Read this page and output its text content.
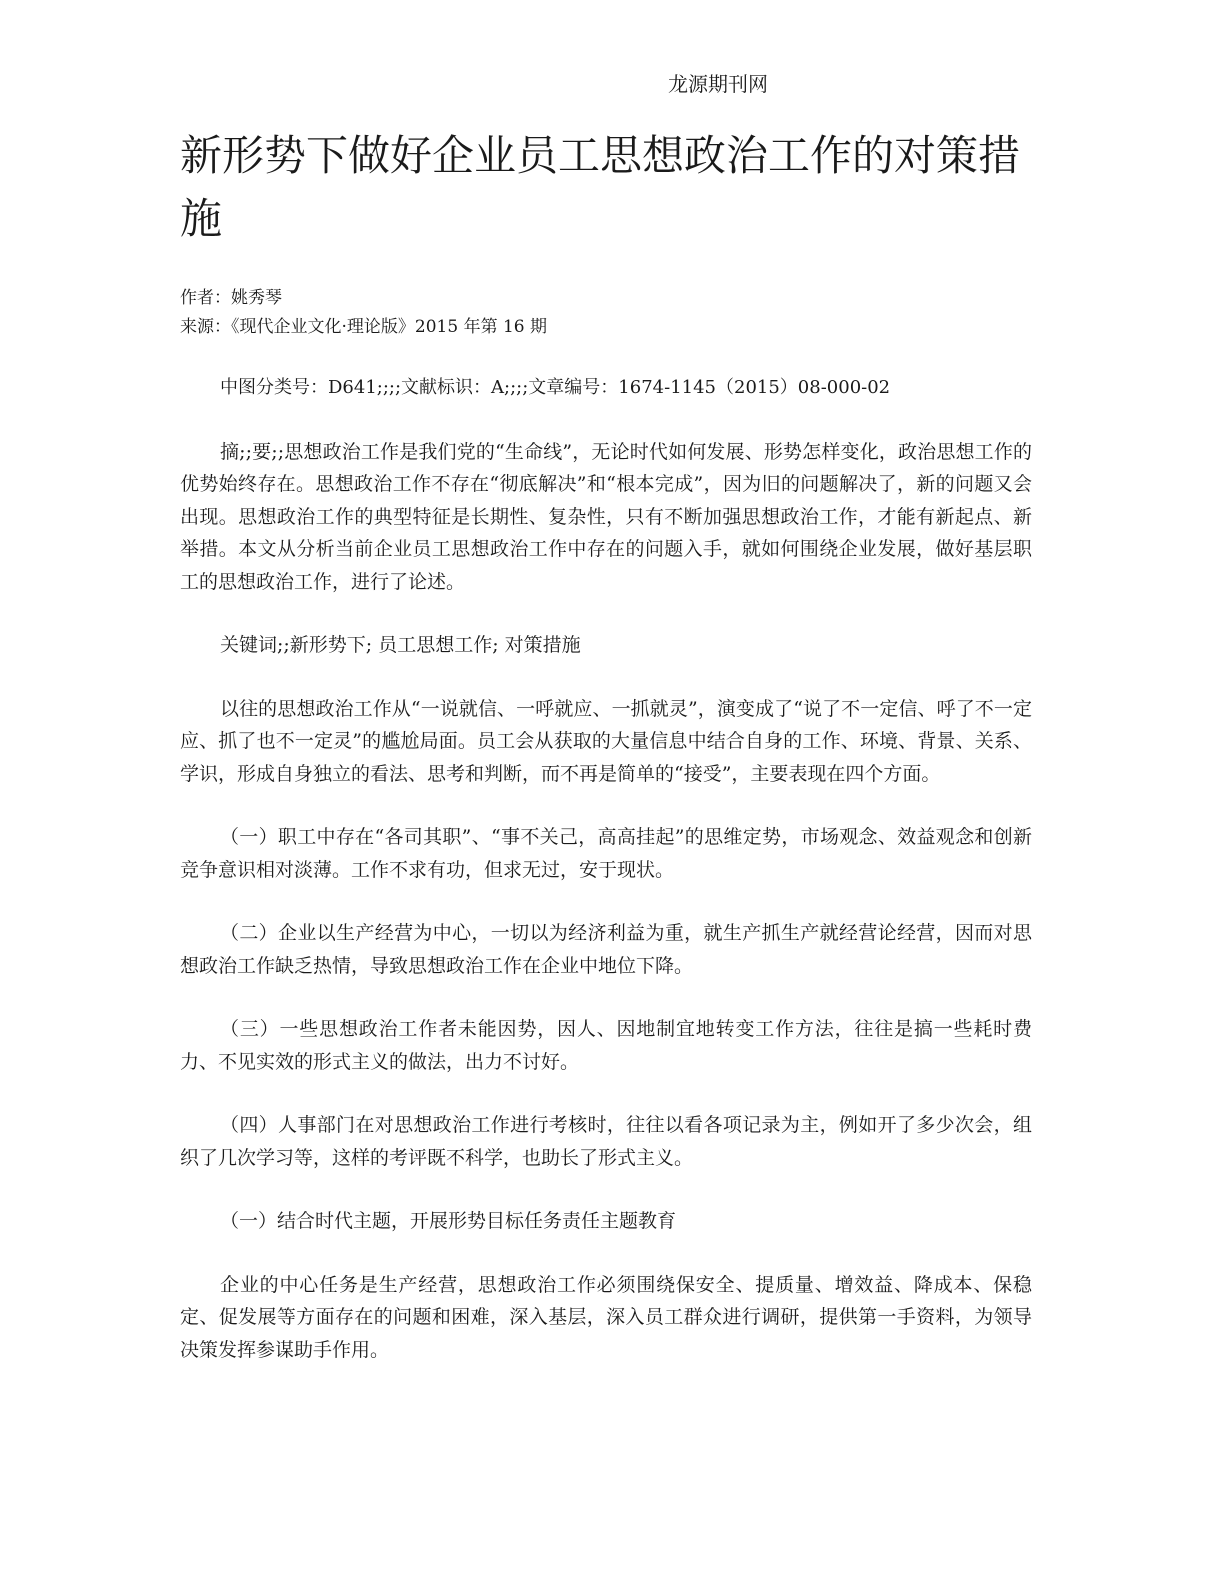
龙源期刊网
新形势下做好企业员工思想政治工作的对策措施
作者：姚秀琴
来源：《现代企业文化·理论版》2015 年第 16 期

中图分类号：D641;;;;文献标识：A;;;;文章编号：1674-1145（2015）08-000-02

摘;;要;;思想政治工作是我们党的“生命线”，无论时代如何发展、形势怎样变化，政治思想工作的优势始终存在。思想政治工作不存在“彻底解决”和“根本完成”，因为旧的问题解决了，新的问题又会出现。思想政治工作的典型特征是长期性、复杂性，只有不断加强思想政治工作，才能有新起点、新举措。本文从分析当前企业员工思想政治工作中存在的问题入手，就如何围绕企业发展，做好基层职工的思想政治工作，进行了论述。

关键词;;新形势下; 员工思想工作; 对策措施

以往的思想政治工作从“一说就信、一呼就应、一抓就灵”，演变成了“说了不一定信、呼了不一定应、抓了也不一定灵”的尴尬局面。员工会从获取的大量信息中结合自身的工作、环境、背景、关系、学识，形成自身独立的看法、思考和判断，而不再是简单的“接受”，主要表现在四个方面。

（一）职工中存在“各司其职”、“事不关己，高高挂起”的思维定势，市场观念、效益观念和创新竞争意识相对淡薄。工作不求有功，但求无过，安于现状。

（二）企业以生产经营为中心，一切以为经济利益为重，就生产抓生产就经营论经营，因而对思想政治工作缺乏热情，导致思想政治工作在企业中地位下降。

（三）一些思想政治工作者未能因势，因人、因地制宜地转变工作方法，往往是搞一些耗时费力、不见实效的形式主义的做法，出力不讨好。

（四）人事部门在对思想政治工作进行考核时，往往以看各项记录为主，例如开了多少次会，组织了几次学习等，这样的考评既不科学，也助长了形式主义。

（一）结合时代主题，开展形势目标任务责任主题教育

企业的中心任务是生产经营，思想政治工作必须围绕保安全、提质量、增效益、降成本、保稳定、促发展等方面存在的问题和困难，深入基层，深入员工群众进行调研，提供第一手资料，为领导决策发挥参谋助手作用。
